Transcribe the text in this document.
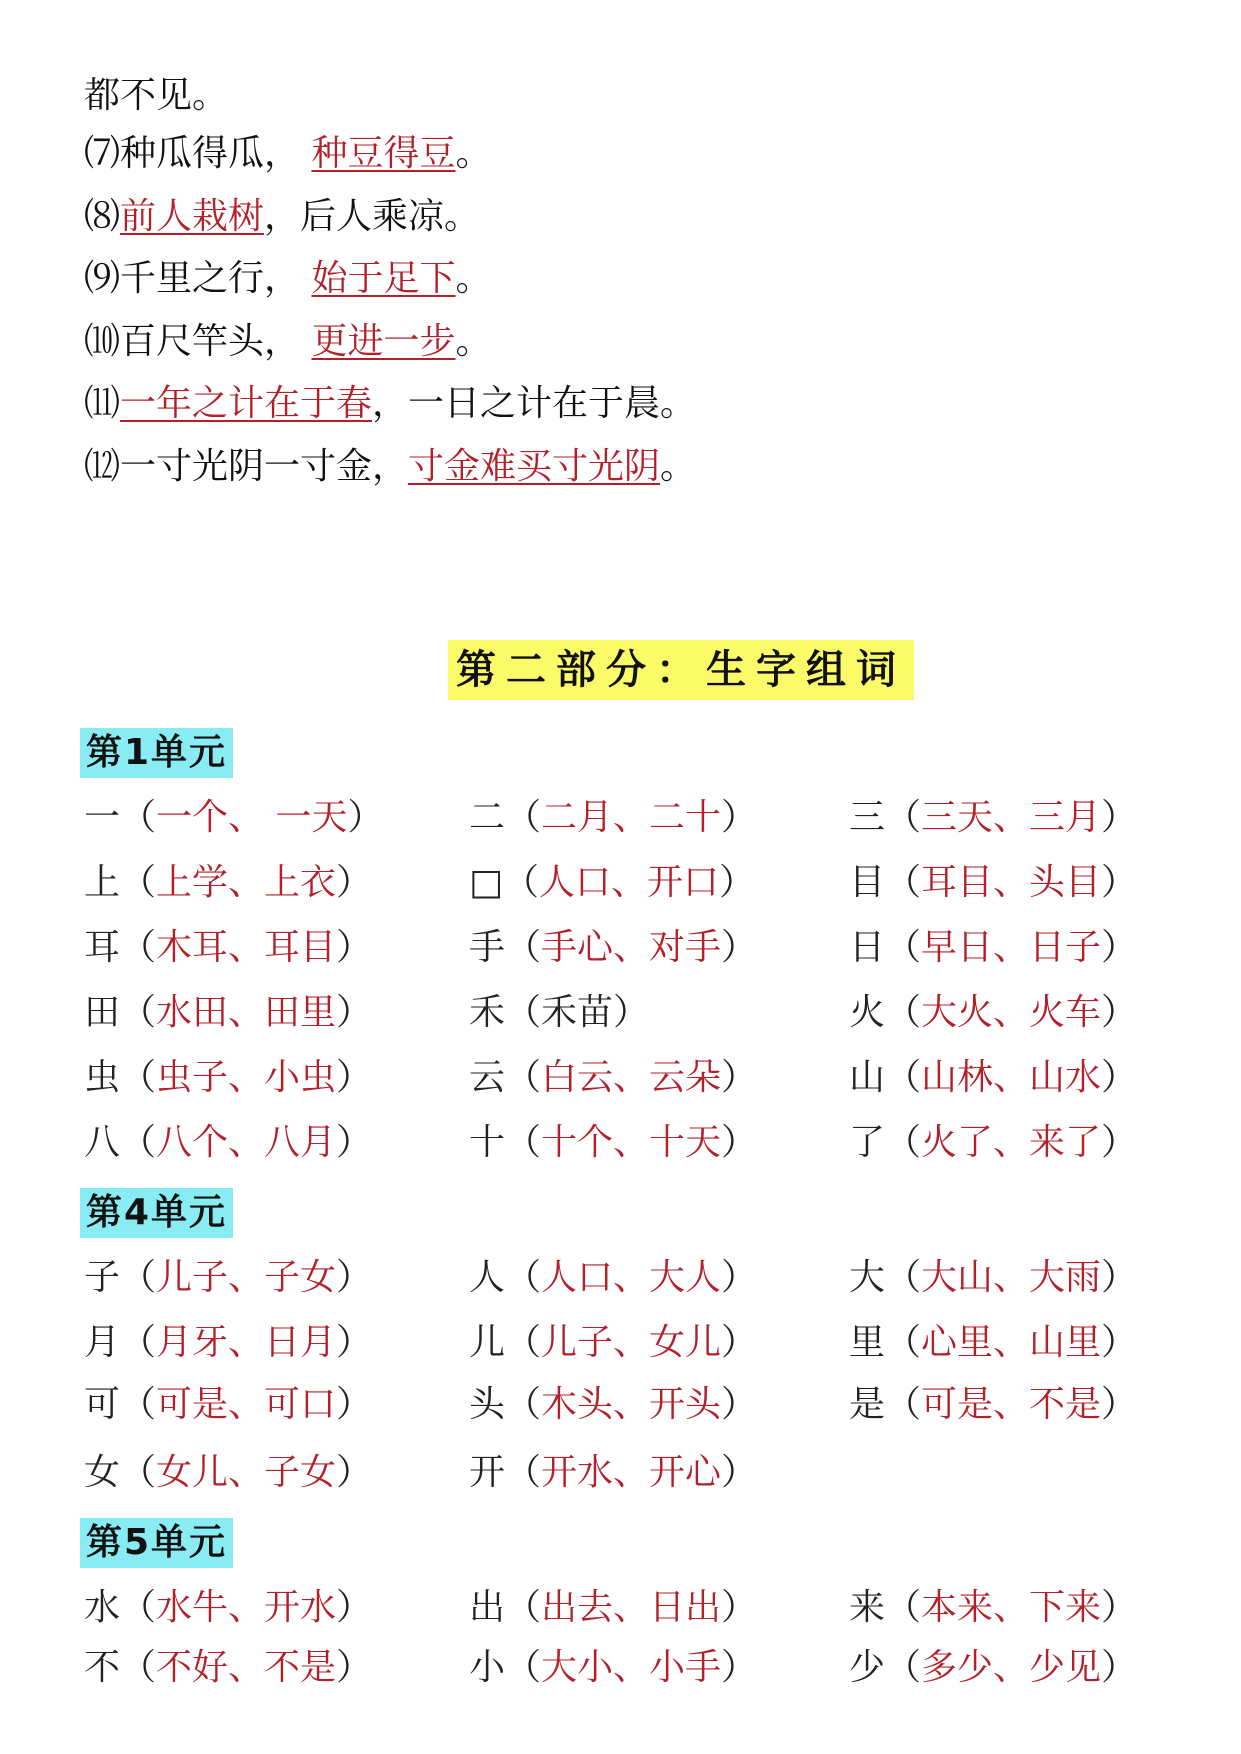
都不见。
⑺种瓜得瓜， 种豆得豆。
⑻前人栽树，后人乘凉。
⑼千里之行， 始于足下。
⑽百尺竿头， 更进一步。
⑾一年之计在于春，一日之计在于晨。
⑿一寸光阴一寸金，寸金难买寸光阴。
第二部分：生字组词
第1单元
第4单元
第5单元
一（一个、 一天） 二（二月、二十）	三（三天、三月）
上（上学、上衣）	□（人口、开口）	目（耳目、头目）
耳（木耳、耳目）	手（手心、对手）	日（早日、日子）
田（水田、田里）	禾（禾苗）	火（大火、火车）
虫（虫子、小虫）	云（白云、云朵）	山（山林、山水）
八（八个、八月）	十（十个、十天）	了（火了、来了）
子（儿子、子女）	人（人口、大人）	大（大山、大雨）
月（月牙、日月）	儿（儿子、女儿）	里（心里、山里）
可（可是、可口）	头（木头、开头）	是（可是、不是）
女（女儿、子女）	开（开水、开心）
水（水牛、开水）	出（出去、日出）	来（本来、下来）
不（不好、不是）	小（大小、小手）	少（多少、少见）
